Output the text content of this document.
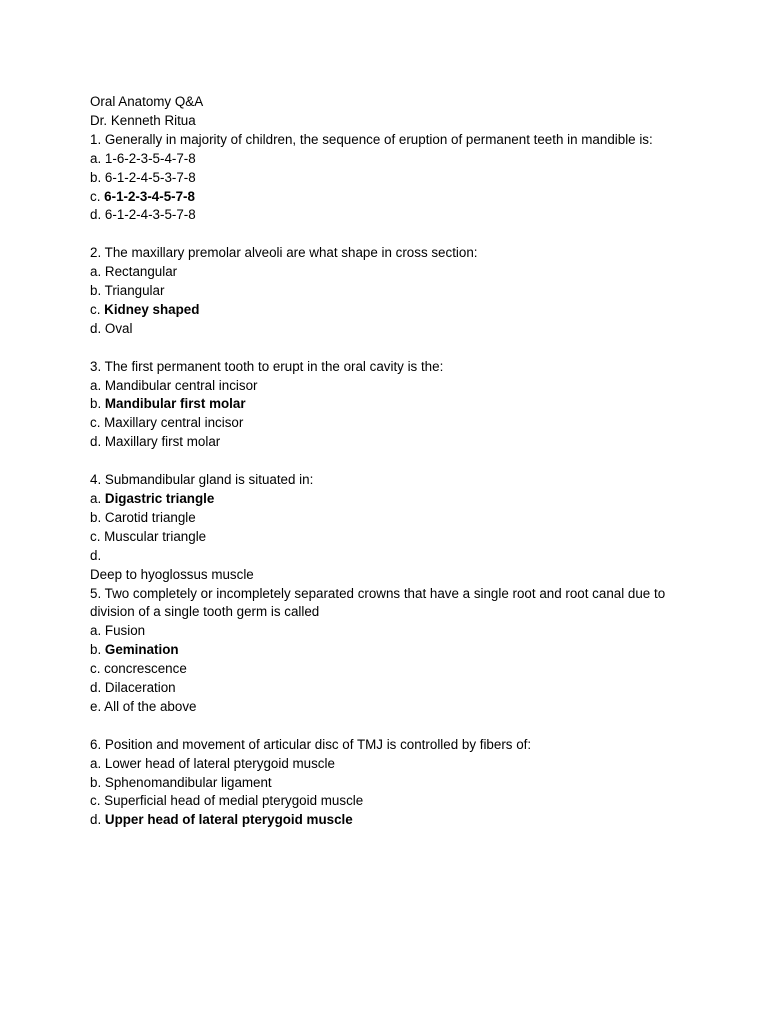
Oral Anatomy Q&A
Dr. Kenneth Ritua
1. Generally in majority of children, the sequence of eruption of permanent teeth in mandible is:
a. 1-6-2-3-5-4-7-8
b. 6-1-2-4-5-3-7-8
c. 6-1-2-3-4-5-7-8
d. 6-1-2-4-3-5-7-8
2. The maxillary premolar alveoli are what shape in cross section:
a. Rectangular
b. Triangular
c. Kidney shaped
d. Oval
3. The first permanent tooth to erupt in the oral cavity is the:
a. Mandibular central incisor
b. Mandibular first molar
c. Maxillary central incisor
d. Maxillary first molar
4. Submandibular gland is situated in:
a. Digastric triangle
b. Carotid triangle
c. Muscular triangle
d.
Deep to hyoglossus muscle
5. Two completely or incompletely separated crowns that have a single root and root canal due to division of a single tooth germ is called
a. Fusion
b. Gemination
c. concrescence
d. Dilaceration
e. All of the above
6. Position and movement of articular disc of TMJ is controlled by fibers of:
a. Lower head of lateral pterygoid muscle
b. Sphenomandibular ligament
c. Superficial head of medial pterygoid muscle
d. Upper head of lateral pterygoid muscle
